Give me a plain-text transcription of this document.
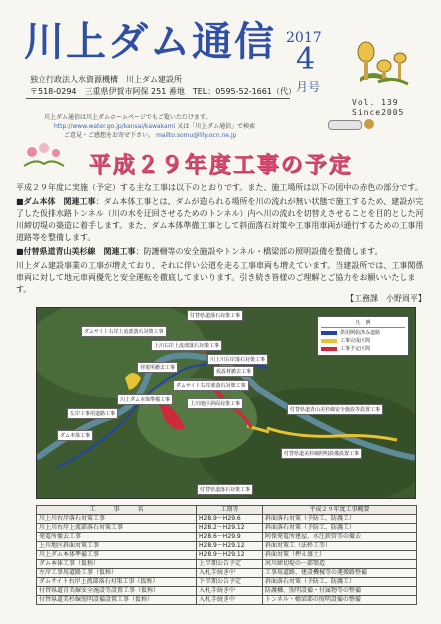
川上ダム通信 2017
4
月号
Vol. 139
Since2005
独立行政法人水資源機構　川上ダム建設所
〒518-0294　三重県伊賀市阿保 251 番地　TEL：0595-52-1661（代）
川上ダム通信は川上ダムホームページでもご覧いただけます。
http://www.water.go.jp/kansai/kawakami 又は「川上ダム通信」で検索
ご意見・ご感想をお寄せ下さい。 mailto:somu@lily.ocn.ne.jp
平成２９年度工事の予定

平成２９年度に実施（予定）する主な工事は以下のとおりです。また、施工場所は以下の図中の赤色の部分です。

■ダム本体　関連工事：ダム本体工事とは、ダムが造られる場所を川の流れが無い状態で施工するため、建設が完了した仮排水路トンネル（川の水を迂回させるためのトンネル）内へ川の流れを切替えさせることを目的とした河川締切堤の築造に着手します。また、ダム本体準備工事として斜面落石対策や工事用車両が通行するための工事用道路等を整備します。

■付替県道青山美杉線　関連工事：防護柵等の安全施設やトンネル・橋梁部の照明設備を整備します。

川上ダム建設事業の工事が増えており、それに伴い公道を走る工事車両も増えています。当建設所では、工事関係車両に対して地元車両優先と安全運転を徹底してまいります。引き続き皆様のご理解とご協力をお願いいたします。

【工務課　小野周平】
付替県道落石対策工事
ダムサイト右岸上流部落石対策工事
上川右岸上流部落石対策工事
川上川右岸落石対策工事
仮設材撤去工事
発電所撤去工事
ダムサイト右岸部落石対策工事
上川地区斜面対策工事
川上ダム本体準備工事
左岸工事用道路工事
ダム本体工事
付替県道青山美杉線安全施設等設置工事
付替県道美杉線照明設備設置工事
付替県道落石対策工事
凡　例
供用開始済み道路
工事完成区間
工事予定区間
工　　　事　　　名	工期等	平成２９年度工事概要
川上川右岸落石対策工事	H28.9～H29.6	斜面落石対策（予防工、防護工）
川上川右岸上流部落石対策工事	H28.2～H29.12	斜面落石対策（予防工、防護工）
発電所撤去工事	H28.6～H29.9	阿保発電所建屋、水圧鉄管等の撤去
上川地区斜面対策工事	H28.9～H29.12	斜面対策工（法枠工等）
川上ダム本体準備工事	H28.9～H29.12	斜面対策（押え盛土）
ダム本体工事（仮称）	上半期公告予定	河川締切堤の一部築造
左岸工事用道路工事（仮称）	入札手続き中	工事用道路、建設機械等の運搬路整備
ダムサイト右岸上流部落石対策工事（仮称）	下半期公告予定	斜面落石対策（予防工、防護工）
付替県道青美線安全施設等設置工事（仮称）	入札手続き中	防護柵、照明設備・付属物等の整備
付替県道美杉線照明設備設置工事（仮称）	入札手続き中	トンネル・橋梁部の照明設備の整備
